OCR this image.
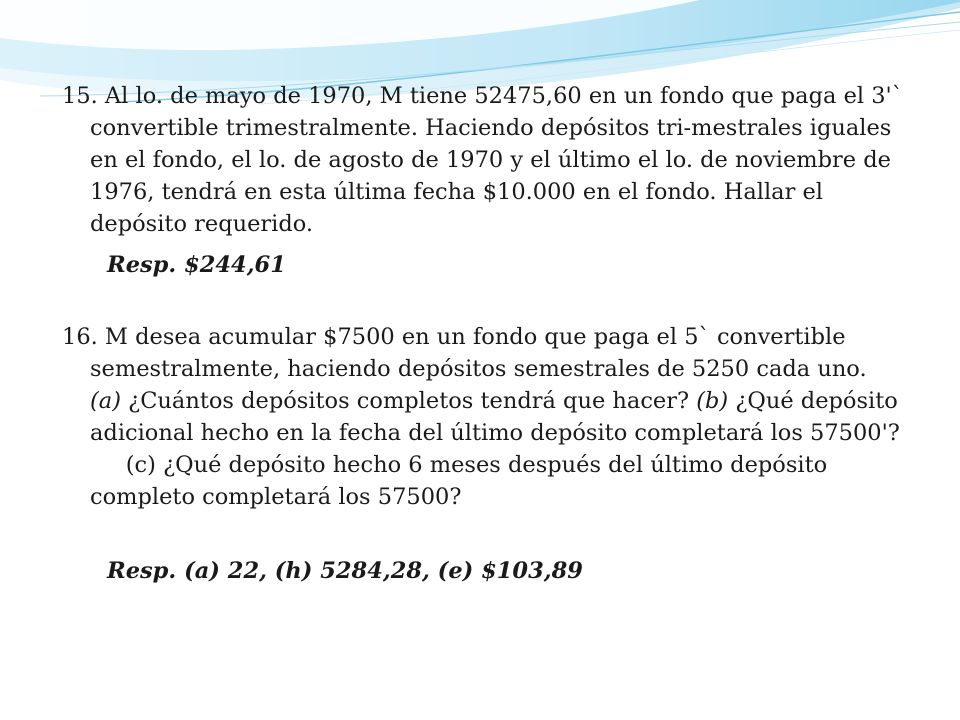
15. Al lo. de mayo de 1970, M tiene 52475,60 en un fondo que paga el 3'` convertible trimestralmente. Haciendo depósitos tri-mestrales iguales en el fondo, el lo. de agosto de 1970 y el último el lo. de noviembre de 1976, tendrá en esta última fecha $10.000 en el fondo. Hallar el depósito requerido.

Resp. $244,61

16. M desea acumular $7500 en un fondo que paga el 5` convertible semestralmente, haciendo depósitos semestrales de 5250 cada uno.       (a) ¿Cuántos depósitos completos tendrá que hacer? (b) ¿Qué depósito adicional hecho en la fecha del último depósito completará los 57500'?      (c) ¿Qué depósito hecho 6 meses después del último depósito completo completará los 57500?

Resp. (a) 22, (h) 5284,28, (e) $103,89
